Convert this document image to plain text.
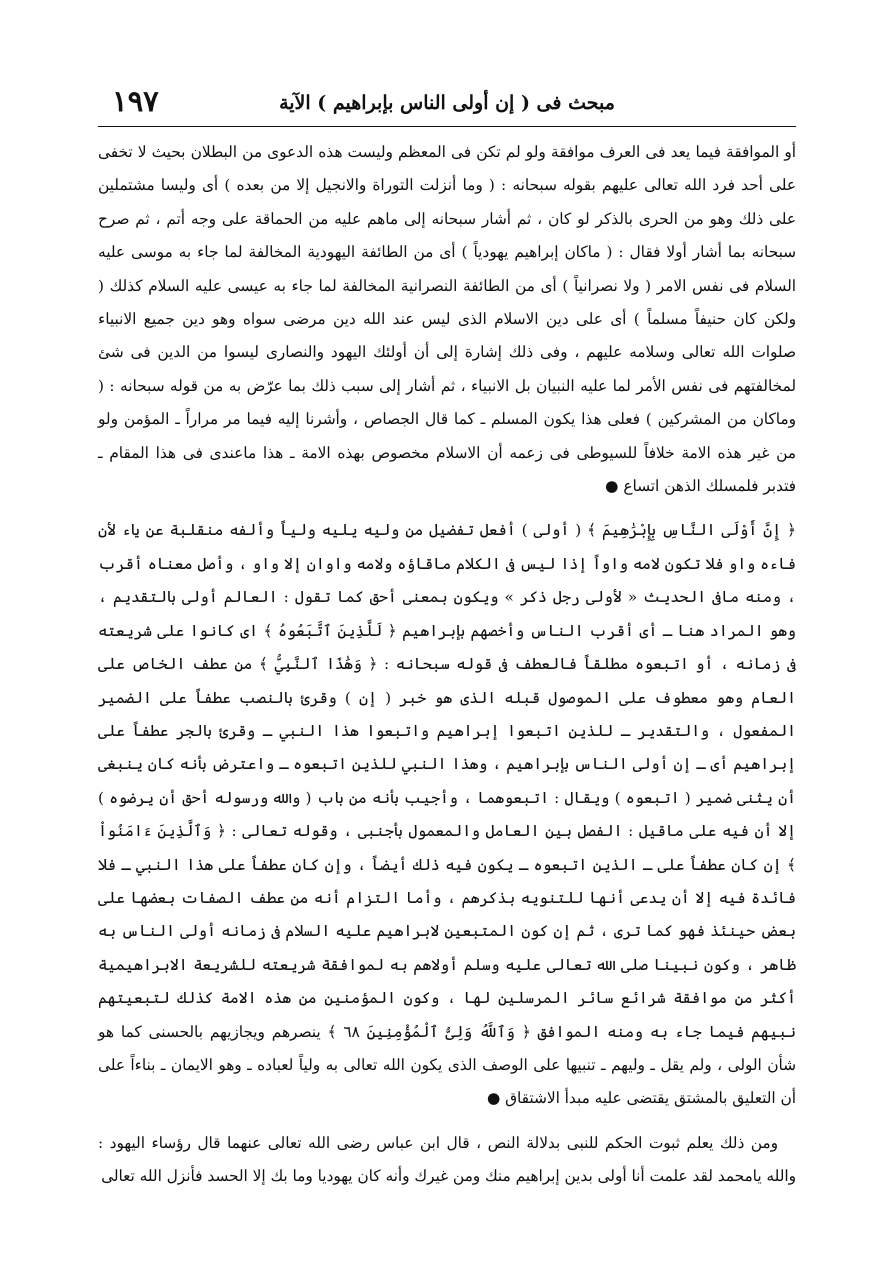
١٩٧	مبحث فى ( إن أولى الناس بإبراهيم ) الآية

أو الموافقة فيما يعد فى العرف موافقة ولو لم تكن فى المعظم وليست هذه الدعوى من البطلان بحيث لا تخفى على أحد فرد الله تعالى عليهم بقوله سبحانه : ( وما أنزلت التوراة والانجيل إلا من بعده ) أى وليسا مشتملين على ذلك وهو من الحرى بالذكر لو كان ، ثم أشار سبحانه إلى ماهم عليه من الحماقة على وجه أتم ، ثم صرح سبحانه بما أشار أولا فقال : ( ماكان إبراهيم يهودياً ) أى من الطائفة اليهودية المخالفة لما جاء به موسى عليه السلام فى نفس الامر ( ولا نصرانياً ) أى من الطائفة النصرانية المخالفة لما جاء به عيسى عليه السلام كذلك ( ولكن كان حنيفاً مسلماً ) أى على دين الاسلام الذى ليس عند الله دين مرضى سواه وهو دين جميع الانبياء صلوات الله تعالى وسلامه عليهم ، وفى ذلك إشارة إلى أن أولئك اليهود والنصارى ليسوا من الدين فى شئ لمخالفتهم فى نفس الأمر لما عليه النبيان بل الانبياء ، ثم أشار إلى سبب ذلك بما عرّض به من قوله سبحانه : ( وماكان من المشركين ) فعلى هذا يكون المسلم ـ كما قال الجصاص ، وأشرنا إليه فيما مر مراراً ـ المؤمن ولو من غير هذه الامة خلافاً للسيوطى فى زعمه أن الاسلام مخصوص بهذه الامة ـ هذا ماعندى فى هذا المقام ـ فتدبر فلمسلك الذهن اتساع ●

﴿ إِنَّ أَوْلَى النَّاسِ بِإِبْرَٰهِيمَ ﴾ ( أولى ) أفعل تفضيل من وليه يليه ولياً وألفه منقلبة عن ياء لأن فاءه واو فلا تكون لامه واواً إذا ليس فى الكلام ماقاؤه ولامه واوان إلا واو ، وأصل معناه أقرب ، ومنه مافى الحديث « لأولى رجل ذكر » ويكون بمعنى أحق كما تقول : العالم أولى بالتقديم ، وهو المراد هنا ـ أى أقرب الناس وأخصهم بإبراهيم ﴿ لَلَّذِينَ ٱتَّبَعُوهُ ﴾ اى كانوا على شريعته فى زمانه ، أو اتبعوه مطلقاً فالعطف فى قوله سبحانه : ﴿ وَهَٰذَا ٱلنَّبِيُّ ﴾ من عطف الخاص على العام وهو معطوف على الموصول قبله الذى هو خبر ( إن ) وقرئ بالنصب عطفاً على الضمير المفعول ، والتقدير ـ للذين اتبعوا إبراهيم واتبعوا هذا النبي ـ وقرئ بالجر عطفاً على إبراهيم أى ـ إن أولى الناس بإبراهيم ، وهذا النبي للذين اتبعوه ـ واعترض بأنه كان ينبغى أن يثنى ضمير ( اتبعوه ) ويقال : اتبعوهما ، وأجيب بأنه من باب ( والله ورسوله أحق أن يرضوه ) إلا أن فيه على ماقيل : الفصل بين العامل والمعمول بأجنبى ، وقوله تعالى : ﴿ وَٱلَّذِينَ ءَامَنُواْ ﴾ إن كان عطفاً على ـ الذين اتبعوه ـ يكون فيه ذلك أيضاً ، وإن كان عطفاً على هذا النبي ـ فلا فائدة فيه إلا أن يدعى أنها للتنويه بذكرهم ، وأما التزام أنه من عطف الصفات بعضها على بعض حينئذ فهو كما ترى ، ثم إن كون المتبعين لابراهيم عليه السلام فى زمانه أولى الناس به ظاهر ، وكون نبينا صلى الله تعالى عليه وسلم أولاهم به لموافقة شريعته للشريعة الابراهيمية أكثر من موافقة شرائع سائر المرسلين لها ، وكون المؤمنين من هذه الامة كذلك لتبعيتهم نبيهم فيما جاء به ومنه الموافق ﴿ وَٱللَّهُ وَلِىُّ ٱلْمُؤْمِنِينَ ٦٨ ﴾ ينصرهم ويجازيهم بالحسنى كما هو شأن الولى ، ولم يقل ـ وليهم ـ تنبيها على الوصف الذى يكون الله تعالى به ولياً لعباده ـ وهو الايمان ـ بناءاً على أن التعليق بالمشتق يقتضى عليه مبدأ الاشتقاق ●

ومن ذلك يعلم ثبوت الحكم للنبى بدلالة النص ، قال ابن عباس رضى الله تعالى عنهما قال رؤساء اليهود : والله يامحمد لقد علمت أنا أولى بدين إبراهيم منك ومن غيرك وأنه كان يهوديا وما بك إلا الحسد فأنزل الله تعالى
